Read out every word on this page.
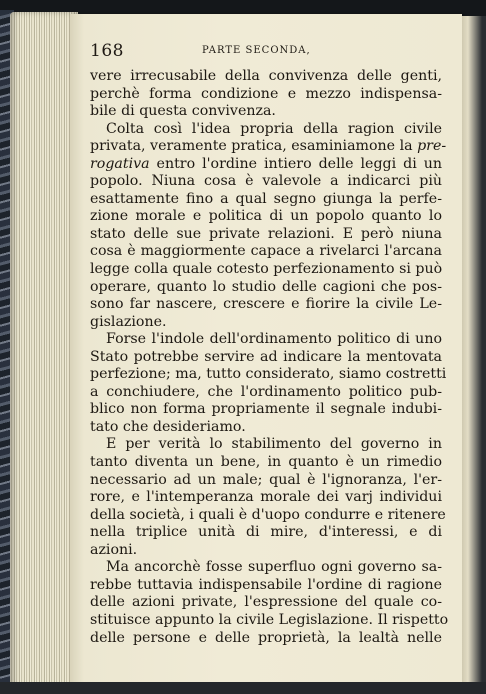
168	PARTE SECONDA,
vere irrecusabile della convivenza delle genti,
perchè forma condizione e mezzo indispensa-
bile di questa convivenza.
Colta così l'idea propria della ragion civile
privata, veramente pratica, esaminiamone la pre-
rogativa entro l'ordine intiero delle leggi di un
popolo. Niuna cosa è valevole a indicarci più
esattamente fino a qual segno giunga la perfe-
zione morale e politica di un popolo quanto lo
stato delle sue private relazioni. E però niuna
cosa è maggiormente capace a rivelarci l'arcana
legge colla quale cotesto perfezionamento si può
operare, quanto lo studio delle cagioni che pos-
sono far nascere, crescere e fiorire la civile Le-
gislazione.
Forse l'indole dell'ordinamento politico di uno
Stato potrebbe servire ad indicare la mentovata
perfezione; ma, tutto considerato, siamo costretti
a conchiudere, che l'ordinamento politico pub-
blico non forma propriamente il segnale indubi-
tato che desideriamo.
E per verità lo stabilimento del governo in
tanto diventa un bene, in quanto è un rimedio
necessario ad un male; qual è l'ignoranza, l'er-
rore, e l'intemperanza morale dei varj individui
della società, i quali è d'uopo condurre e ritenere
nella triplice unità di mire, d'interessi, e di
azioni.
Ma ancorchè fosse superfluo ogni governo sa-
rebbe tuttavia indispensabile l'ordine di ragione
delle azioni private, l'espressione del quale co-
stituisce appunto la civile Legislazione. Il rispetto
delle persone e delle proprietà, la lealtà nelle
